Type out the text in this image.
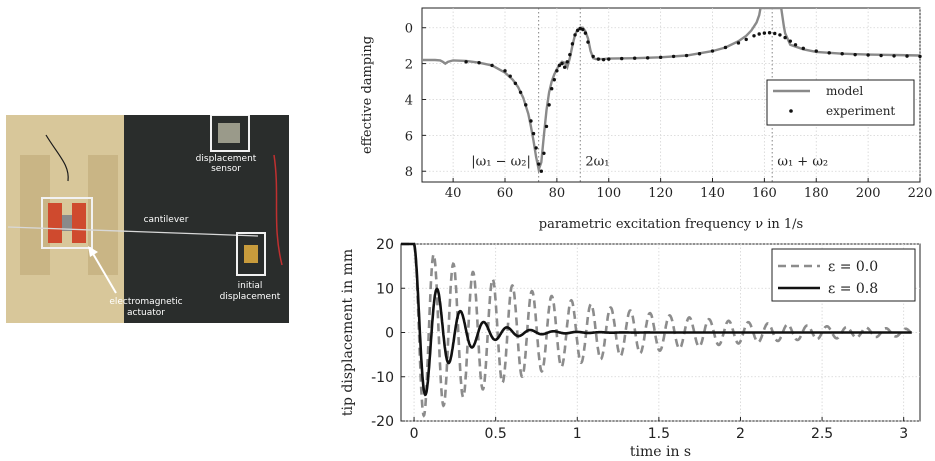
displacement
sensor
cantilever
initial
displacement
electromagnetic
actuator
40	60	80 100 120 140 160 180 200 220
0
2
4
6
8
|ω₁ − ω₂|	2ω₁	ω₁ + ω₂
model
experiment
parametric excitation frequency ν in 1/s
effective damping
0	0.5	1	1.5	2	2.5	3
-20
-10
0
10
20
ε = 0.0
ε = 0.8
time in s
tip displacement in mm
